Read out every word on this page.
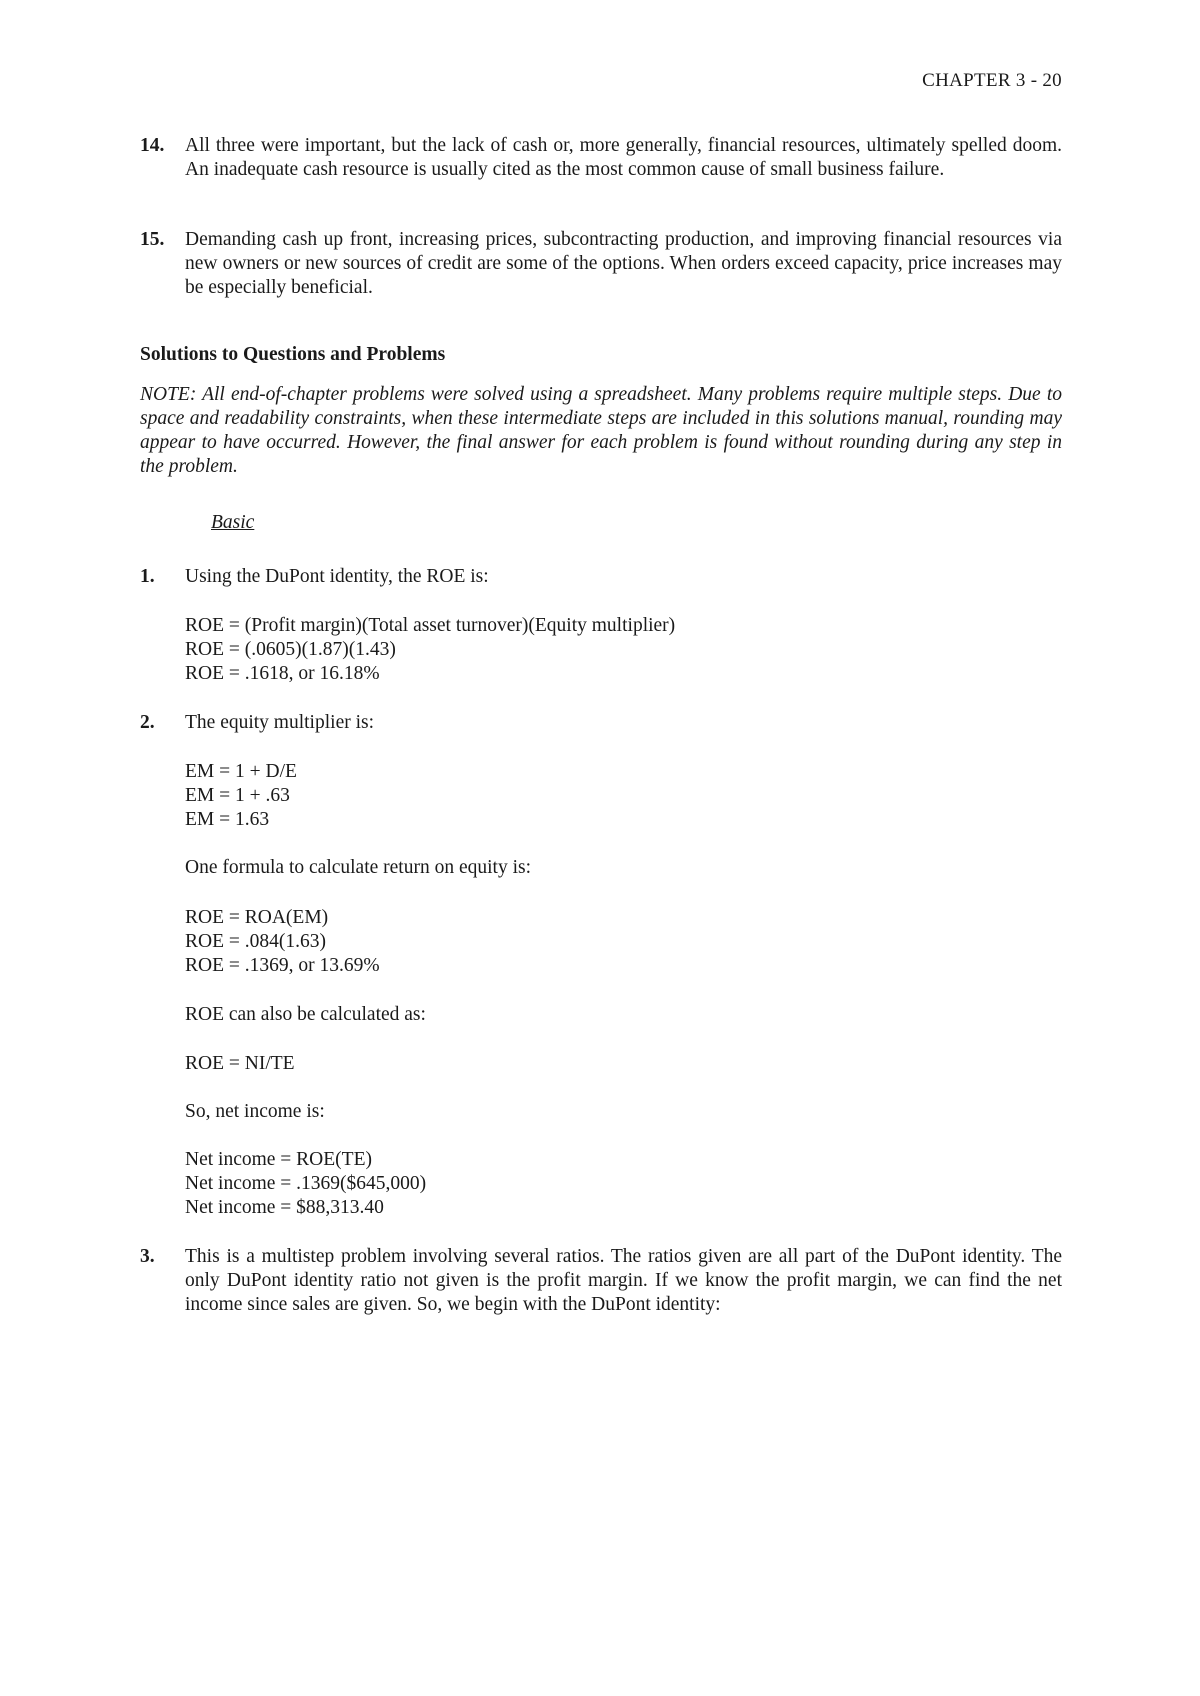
CHAPTER 3 - 20
14. All three were important, but the lack of cash or, more generally, financial resources, ultimately spelled doom. An inadequate cash resource is usually cited as the most common cause of small business failure.
15. Demanding cash up front, increasing prices, subcontracting production, and improving financial resources via new owners or new sources of credit are some of the options. When orders exceed capacity, price increases may be especially beneficial.
Solutions to Questions and Problems
NOTE: All end-of-chapter problems were solved using a spreadsheet. Many problems require multiple steps. Due to space and readability constraints, when these intermediate steps are included in this solutions manual, rounding may appear to have occurred. However, the final answer for each problem is found without rounding during any step in the problem.
Basic
1. Using the DuPont identity, the ROE is:
ROE = (Profit margin)(Total asset turnover)(Equity multiplier)
ROE = (.0605)(1.87)(1.43)
ROE = .1618, or 16.18%
2. The equity multiplier is:
EM = 1 + D/E
EM = 1 + .63
EM = 1.63
One formula to calculate return on equity is:
ROE = ROA(EM)
ROE = .084(1.63)
ROE = .1369, or 13.69%
ROE can also be calculated as:
ROE = NI/TE
So, net income is:
Net income = ROE(TE)
Net income = .1369($645,000)
Net income = $88,313.40
3. This is a multistep problem involving several ratios. The ratios given are all part of the DuPont identity. The only DuPont identity ratio not given is the profit margin. If we know the profit margin, we can find the net income since sales are given. So, we begin with the DuPont identity:
